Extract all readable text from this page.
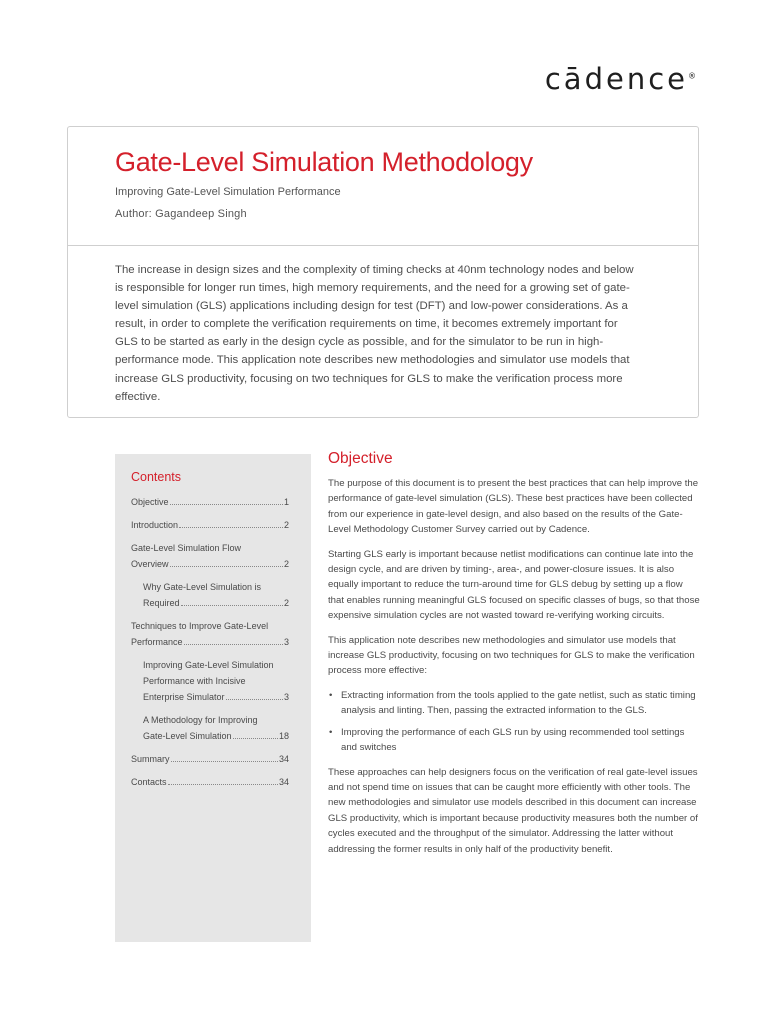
cādence®
Gate-Level Simulation Methodology
Improving Gate-Level Simulation Performance
Author: Gagandeep Singh

The increase in design sizes and the complexity of timing checks at 40nm technology nodes and below is responsible for longer run times, high memory requirements, and the need for a growing set of gate-level simulation (GLS) applications including design for test (DFT) and low-power considerations. As a result, in order to complete the verification requirements on time, it becomes extremely important for GLS to be started as early in the design cycle as possible, and for the simulator to be run in high-performance mode. This application note describes new methodologies and simulator use models that increase GLS productivity, focusing on two techniques for GLS to make the verification process more effective.

Contents
Objective	1
Introduction	2
Gate-Level Simulation Flow
Overview	2
Why Gate-Level Simulation is
Required	2
Techniques to Improve Gate-Level
Performance	3
Improving Gate-Level Simulation Performance with Incisive
Enterprise Simulator	3
A Methodology for Improving
Gate-Level Simulation	18
Summary	34
Contacts	34
Objective

The purpose of this document is to present the best practices that can help improve the performance of gate-level simulation (GLS). These best practices have been collected from our experience in gate-level design, and also based on the results of the Gate-Level Methodology Customer Survey carried out by Cadence.

Starting GLS early is important because netlist modifications can continue late into the design cycle, and are driven by timing-, area-, and power-closure issues. It is also equally important to reduce the turn-around time for GLS debug by setting up a flow that enables running meaningful GLS focused on specific classes of bugs, so that those expensive simulation cycles are not wasted toward re-verifying working circuits.

This application note describes new methodologies and simulator use models that increase GLS productivity, focusing on two techniques for GLS to make the verification process more effective:

• Extracting information from the tools applied to the gate netlist, such as static timing analysis and linting. Then, passing the extracted information to the GLS.
• Improving the performance of each GLS run by using recommended tool settings and switches

These approaches can help designers focus on the verification of real gate-level issues and not spend time on issues that can be caught more efficiently with other tools. The new methodologies and simulator use models described in this document can increase GLS productivity, which is important because productivity measures both the number of cycles executed and the throughput of the simulator. Addressing the latter without addressing the former results in only half of the productivity benefit.
